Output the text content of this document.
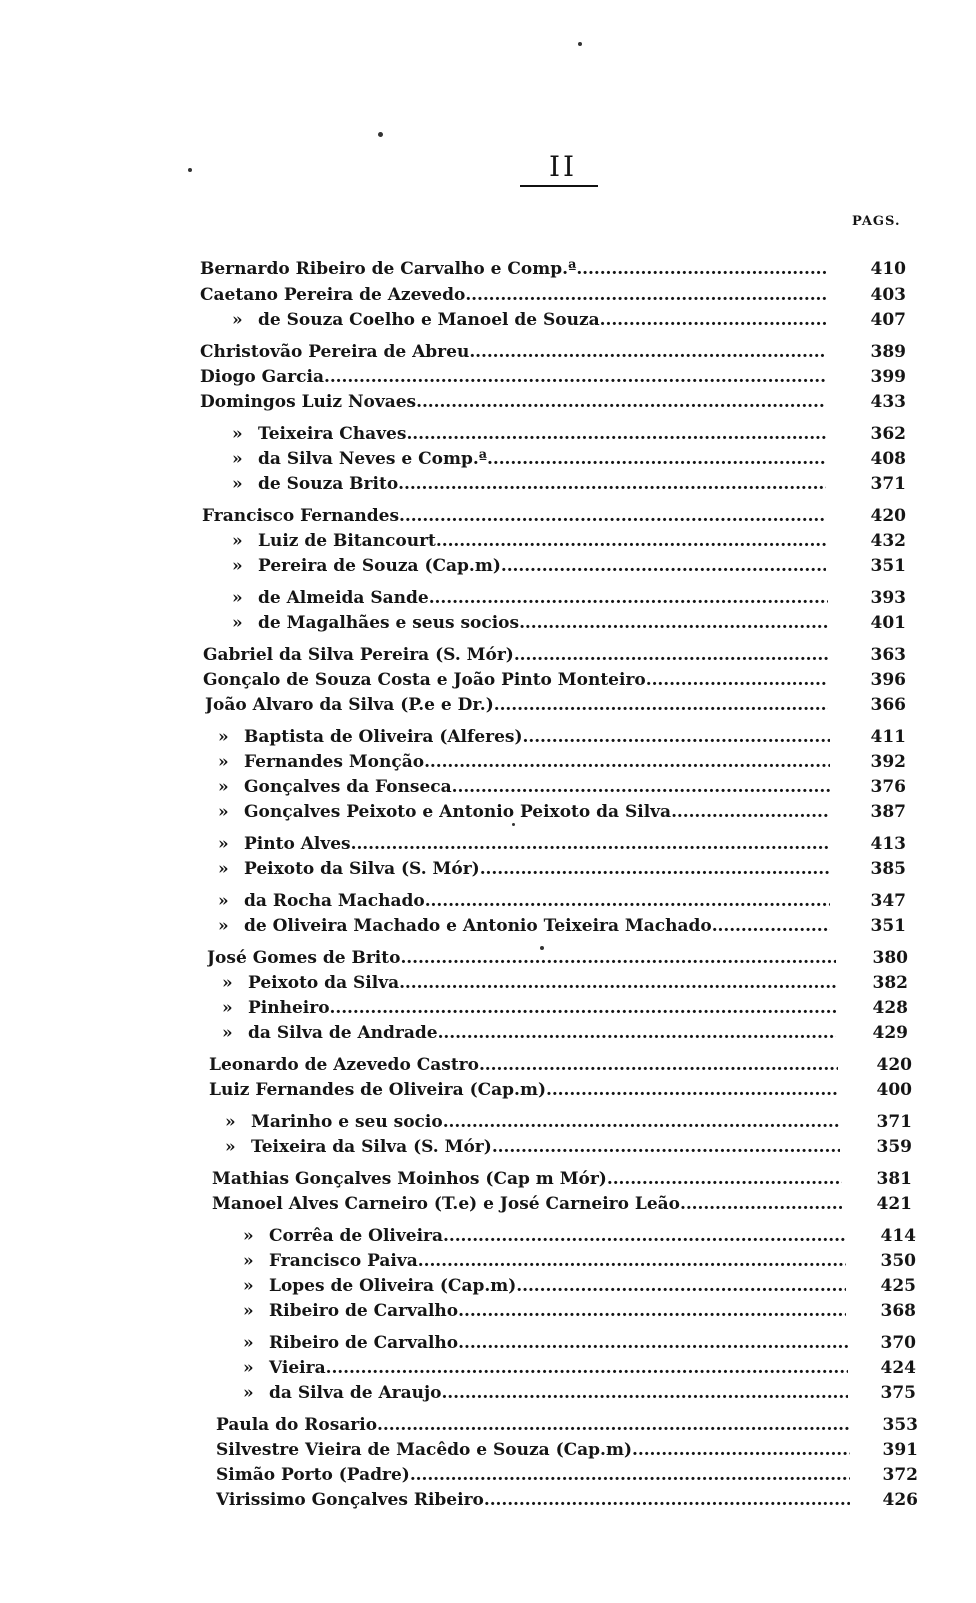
II
PAGS.
Bernardo Ribeiro de Carvalho e Comp.ª . . .	410
Caetano Pereira de Azevedo . . .	403
» de Souza Coelho e Manoel de Souza . . .	407
Christovão Pereira de Abreu . . .	389
Diogo Garcia . . .	399
Domingos Luiz Novaes . . .	433
» Teixeira Chaves . . .	362
» da Silva Neves e Comp.ª . . .	408
» de Souza Brito . . .	371
Francisco Fernandes . . .	420
» Luiz de Bitancourt . . .	432
» Pereira de Souza (Cap.m) . . .	351
» de Almeida Sande . . .	393
» de Magalhães e seus socios . . .	401
Gabriel da Silva Pereira (S. Mór) . . .	363
Gonçalo de Souza Costa e João Pinto Monteiro . . .	396
João Alvaro da Silva (P.e e Dr.) . . .	366
» Baptista de Oliveira (Alferes) . . .	411
» Fernandes Monção . . .	392
» Gonçalves da Fonseca . . .	376
» Gonçalves Peixoto e Antonio Peixoto da Silva . . .	387
» Pinto Alves . . .	413
» Peixoto da Silva (S. Mór) . . .	385
» da Rocha Machado . . .	347
» de Oliveira Machado e Antonio Teixeira Machado . . .	351
José Gomes de Brito . . .	380
» Peixoto da Silva . . .	382
» Pinheiro . . .	428
» da Silva de Andrade . . .	429
Leonardo de Azevedo Castro . . .	420
Luiz Fernandes de Oliveira (Cap.m) . . .	400
» Marinho e seu socio . . .	371
» Teixeira da Silva (S. Mór) . . .	359
Mathias Gonçalves Moinhos (Cap m Mór) . . .	381
Manoel Alves Carneiro (T.e) e José Carneiro Leão . . .	421
» Corrêa de Oliveira . . .	414
» Francisco Paiva . . .	350
» Lopes de Oliveira (Cap.m) . . .	425
» Ribeiro de Carvalho . . .	368
» Ribeiro de Carvalho . . .	370
» Vieira . . .	424
» da Silva de Araujo . . .	375
Paula do Rosario . . .	353
Silvestre Vieira de Macêdo e Souza (Cap.m) . . .	391
Simão Porto (Padre) . . .	372
Virissimo Gonçalves Ribeiro . . .	426
